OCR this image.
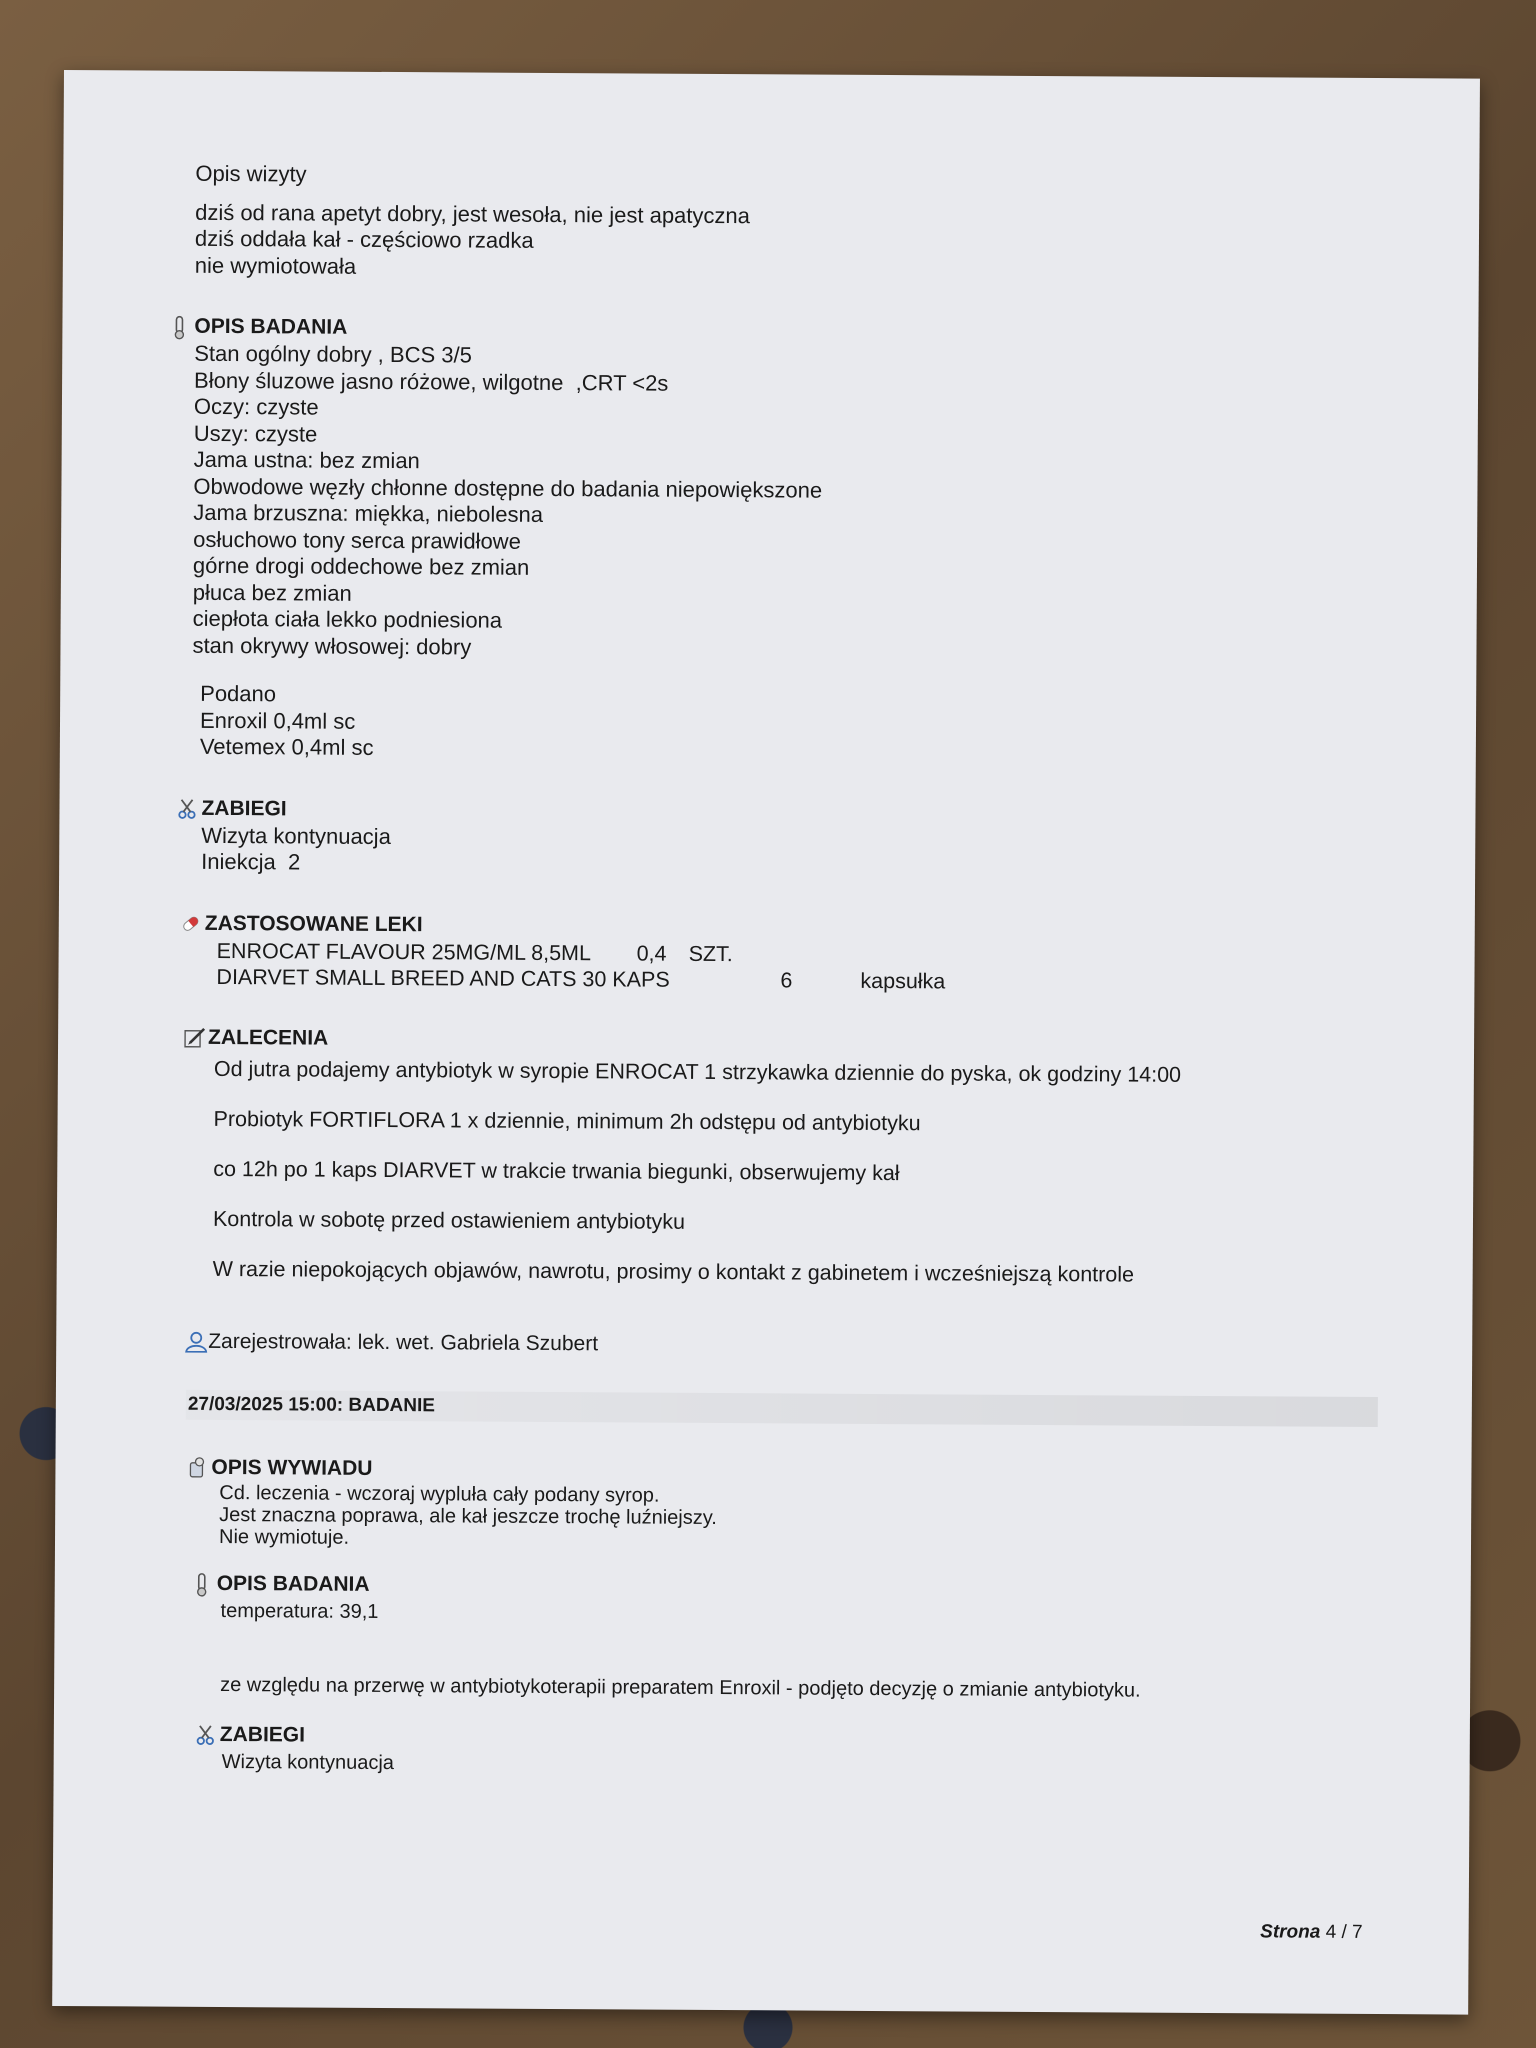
Opis wizyty
dziś od rana apetyt dobry, jest wesoła, nie jest apatyczna
dziś oddała kał - częściowo rzadka
nie wymiotowała
OPIS BADANIA
Stan ogólny dobry , BCS 3/5
Błony śluzowe jasno różowe, wilgotne  ,CRT <2s
Oczy: czyste
Uszy: czyste
Jama ustna: bez zmian
Obwodowe węzły chłonne dostępne do badania niepowiększone
Jama brzuszna: miękka, niebolesna
osłuchowo tony serca prawidłowe
górne drogi oddechowe bez zmian
płuca bez zmian
ciepłota ciała lekko podniesiona
stan okrywy włosowej: dobry
Podano
Enroxil 0,4ml sc
Vetemex 0,4ml sc
ZABIEGI
Wizyta kontynuacja
Iniekcja  2
ZASTOSOWANE LEKI
ENROCAT FLAVOUR 25MG/ML 8,5ML	0,4	SZT.
DIARVET SMALL BREED AND CATS 30 KAPS	6	kapsułka
ZALECENIA
Od jutra podajemy antybiotyk w syropie ENROCAT 1 strzykawka dziennie do pyska, ok godziny 14:00
Probiotyk FORTIFLORA 1 x dziennie, minimum 2h odstępu od antybiotyku
co 12h po 1 kaps DIARVET w trakcie trwania biegunki, obserwujemy kał
Kontrola w sobotę przed ostawieniem antybiotyku
W razie niepokojących objawów, nawrotu, prosimy o kontakt z gabinetem i wcześniejszą kontrole
Zarejestrowała: lek. wet. Gabriela Szubert
27/03/2025 15:00: BADANIE
OPIS WYWIADU
Cd. leczenia - wczoraj wypluła cały podany syrop.
Jest znaczna poprawa, ale kał jeszcze trochę luźniejszy.
Nie wymiotuje.
OPIS BADANIA
temperatura: 39,1
ze względu na przerwę w antybiotykoterapii preparatem Enroxil - podjęto decyzję o zmianie antybiotyku.
ZABIEGI
Wizyta kontynuacja
Strona 4 / 7
